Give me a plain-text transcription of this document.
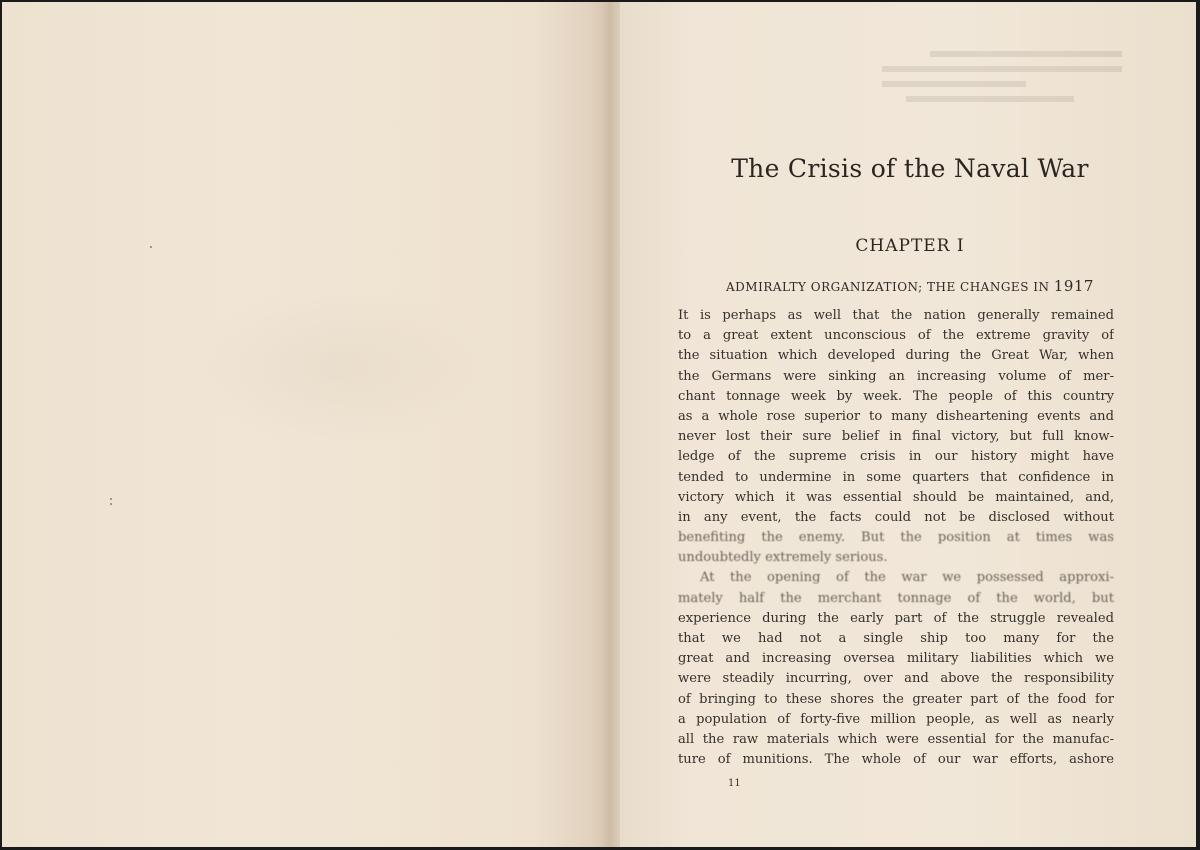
The Crisis of the Naval War
CHAPTER I

ADMIRALTY ORGANIZATION; THE CHANGES IN 1917

It is perhaps as well that the nation generally remained
to a great extent unconscious of the extreme gravity of
the situation which developed during the Great War, when
the Germans were sinking an increasing volume of mer-
chant tonnage week by week. The people of this country
as a whole rose superior to many disheartening events and
never lost their sure belief in final victory, but full know-
ledge of the supreme crisis in our history might have
tended to undermine in some quarters that confidence in
victory which it was essential should be maintained, and,
in any event, the facts could not be disclosed without
benefiting the enemy. But the position at times was
undoubtedly extremely serious.
At the opening of the war we possessed approxi-
mately half the merchant tonnage of the world, but
experience during the early part of the struggle revealed
that we had not a single ship too many for the
great and increasing oversea military liabilities which we
were steadily incurring, over and above the responsibility
of bringing to these shores the greater part of the food for
a population of forty-five million people, as well as nearly
all the raw materials which were essential for the manufac-
ture of munitions. The whole of our war efforts, ashore

11
